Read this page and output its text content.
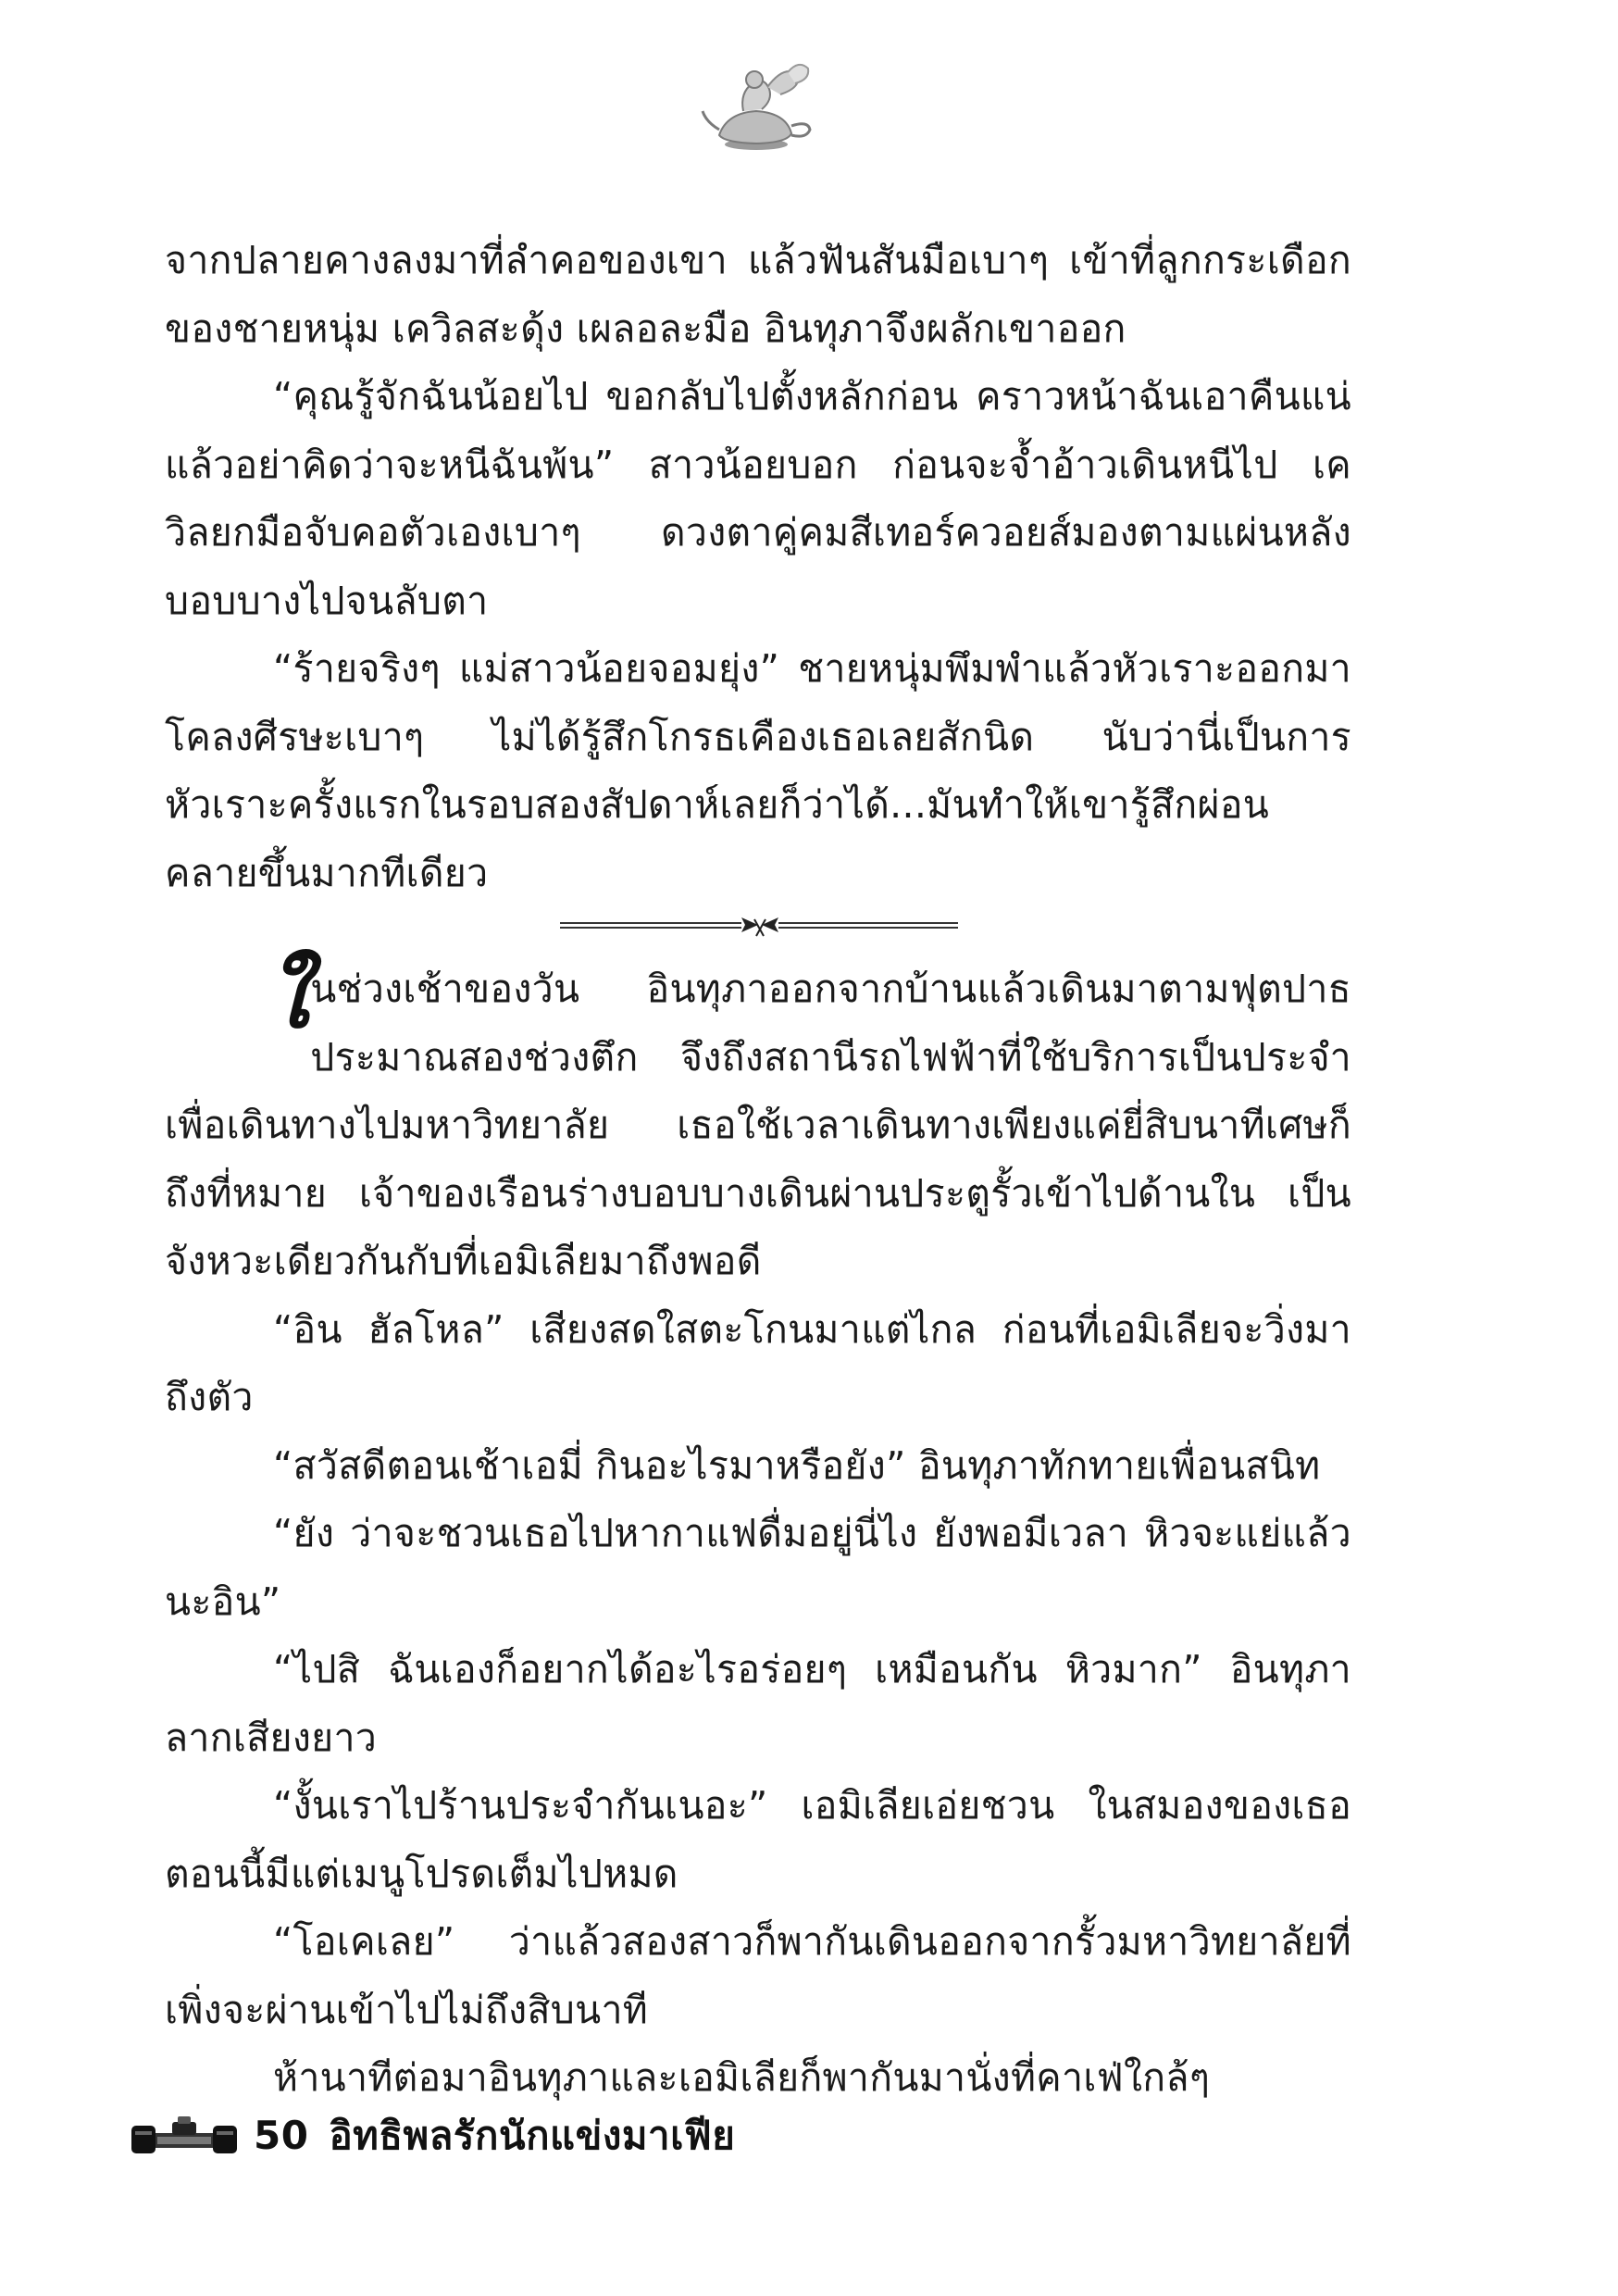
จากปลายคางลงมาที่ลำคอของเขา แล้วฟันสันมือเบาๆ เข้าที่ลูกกระเดือกของชายหนุ่ม เควิลสะดุ้ง เผลอละมือ อินทุภาจึงผลักเขาออก

“คุณรู้จักฉันน้อยไป ขอกลับไปตั้งหลักก่อน คราวหน้าฉันเอาคืนแน่ แล้วอย่าคิดว่าจะหนีฉันพ้น” สาวน้อยบอก ก่อนจะจ้ำอ้าวเดินหนีไป เควิลยกมือจับคอตัวเองเบาๆ ดวงตาคู่คมสีเทอร์ควอยส์มองตามแผ่นหลังบอบบางไปจนลับตา

“ร้ายจริงๆ แม่สาวน้อยจอมยุ่ง” ชายหนุ่มพึมพำแล้วหัวเราะออกมา โคลงศีรษะเบาๆ ไม่ได้รู้สึกโกรธเคืองเธอเลยสักนิด นับว่านี่เป็นการหัวเราะครั้งแรกในรอบสองสัปดาห์เลยก็ว่าได้...มันทำให้เขารู้สึกผ่อนคลายขึ้นมากทีเดียว

ในช่วงเช้าของวัน อินทุภาออกจากบ้านแล้วเดินมาตามฟุตปาธประมาณสองช่วงตึก จึงถึงสถานีรถไฟฟ้าที่ใช้บริการเป็นประจำเพื่อเดินทางไปมหาวิทยาลัย เธอใช้เวลาเดินทางเพียงแค่ยี่สิบนาทีเศษก็ถึงที่หมาย เจ้าของเรือนร่างบอบบางเดินผ่านประตูรั้วเข้าไปด้านใน เป็นจังหวะเดียวกันกับที่เอมิเลียมาถึงพอดี

“อิน ฮัลโหล” เสียงสดใสตะโกนมาแต่ไกล ก่อนที่เอมิเลียจะวิ่งมาถึงตัว

“สวัสดีตอนเช้าเอมี่ กินอะไรมาหรือยัง” อินทุภาทักทายเพื่อนสนิท

“ยัง ว่าจะชวนเธอไปหากาแฟดื่มอยู่นี่ไง ยังพอมีเวลา หิวจะแย่แล้วนะอิน”

“ไปสิ ฉันเองก็อยากได้อะไรอร่อยๆ เหมือนกัน หิวมาก” อินทุภาลากเสียงยาว

“งั้นเราไปร้านประจำกันเนอะ” เอมิเลียเอ่ยชวน ในสมองของเธอตอนนี้มีแต่เมนูโปรดเต็มไปหมด

“โอเคเลย” ว่าแล้วสองสาวก็พากันเดินออกจากรั้วมหาวิทยาลัยที่เพิ่งจะผ่านเข้าไปไม่ถึงสิบนาที

ห้านาทีต่อมาอินทุภาและเอมิเลียก็พากันมานั่งที่คาเฟ่ใกล้ๆ

50 อิทธิพลรักนักแข่งมาเฟีย
